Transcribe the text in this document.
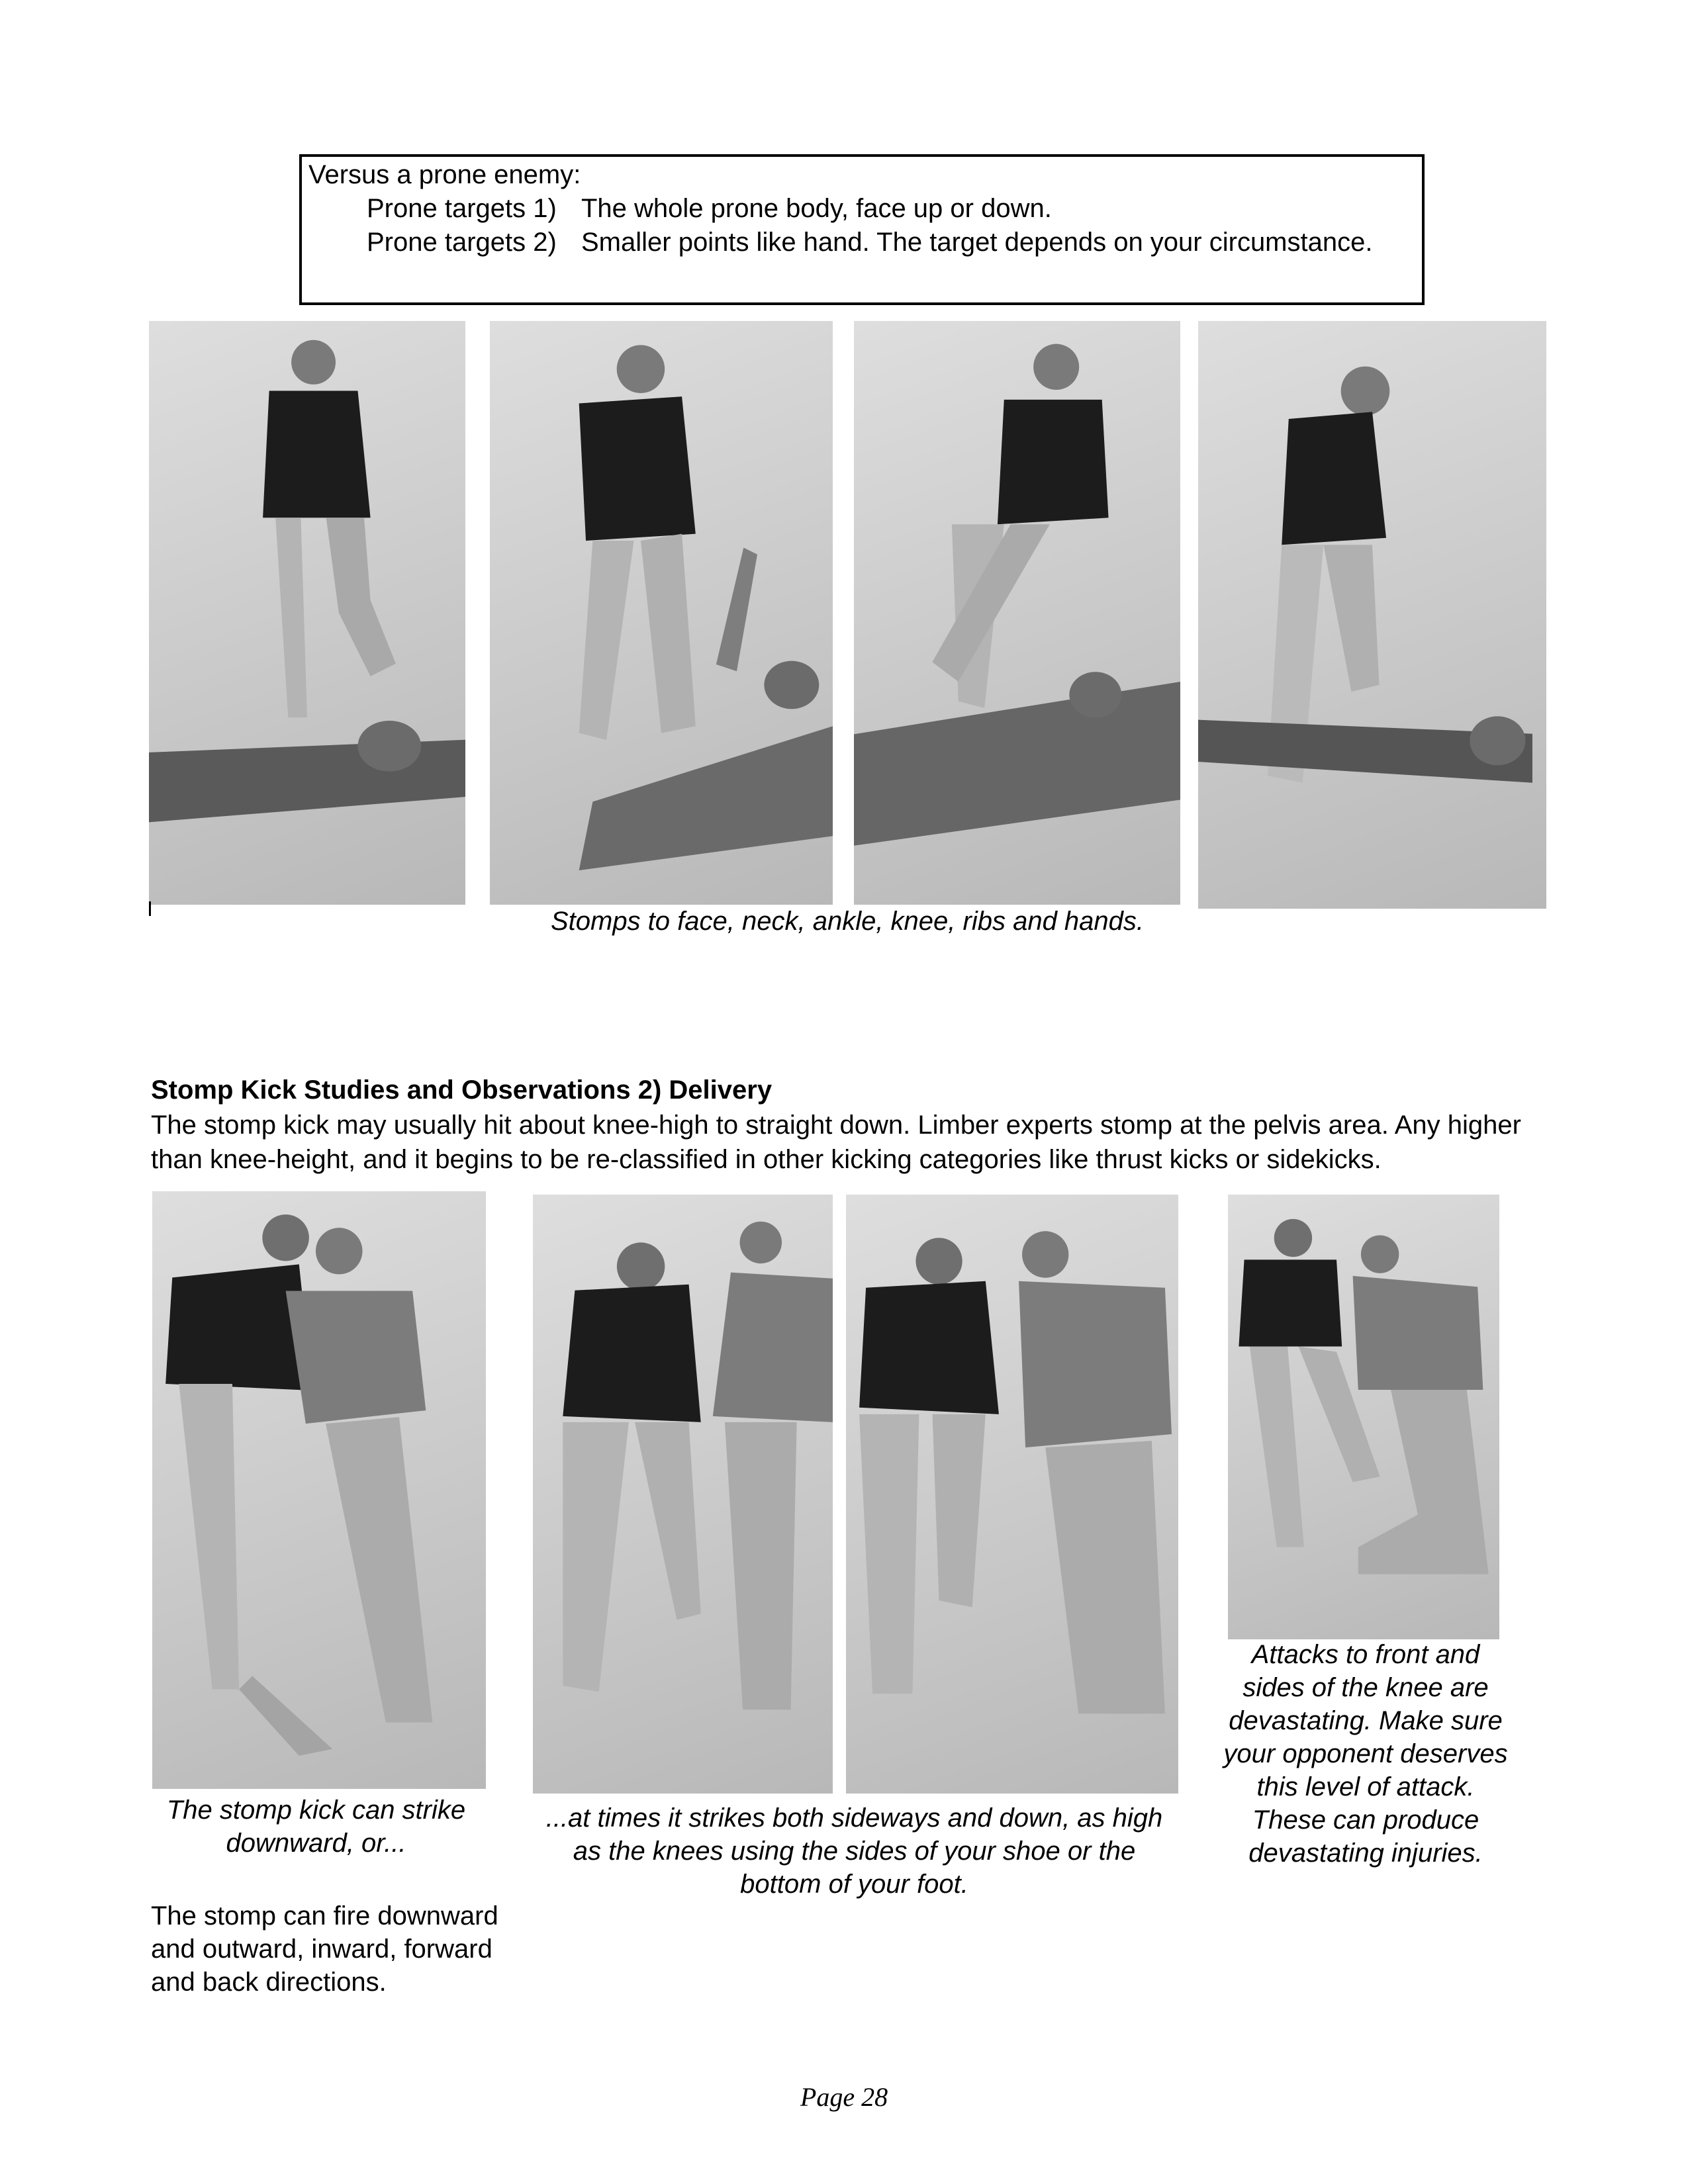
Versus a prone enemy:
Prone targets 1) The whole prone body, face up or down.
Prone targets 2) Smaller points like hand. The target depends on your circumstance.
Stomps to face, neck, ankle, knee, ribs and hands.
Stomp Kick Studies and Observations 2) Delivery
The stomp kick may usually hit about knee-high to straight down. Limber experts stomp at the pelvis area. Any higher than knee-height, and it begins to be re-classified in other kicking categories like thrust kicks or sidekicks.
The stomp kick can strike downward, or...
...at times it strikes both sideways and down, as high as the knees using the sides of your shoe or the bottom of your foot.
Attacks to front and sides of the knee are devastating. Make sure your opponent deserves this level of attack. These can produce devastating injuries.
The stomp can fire downward and outward, inward, forward and back directions.
Page 28
